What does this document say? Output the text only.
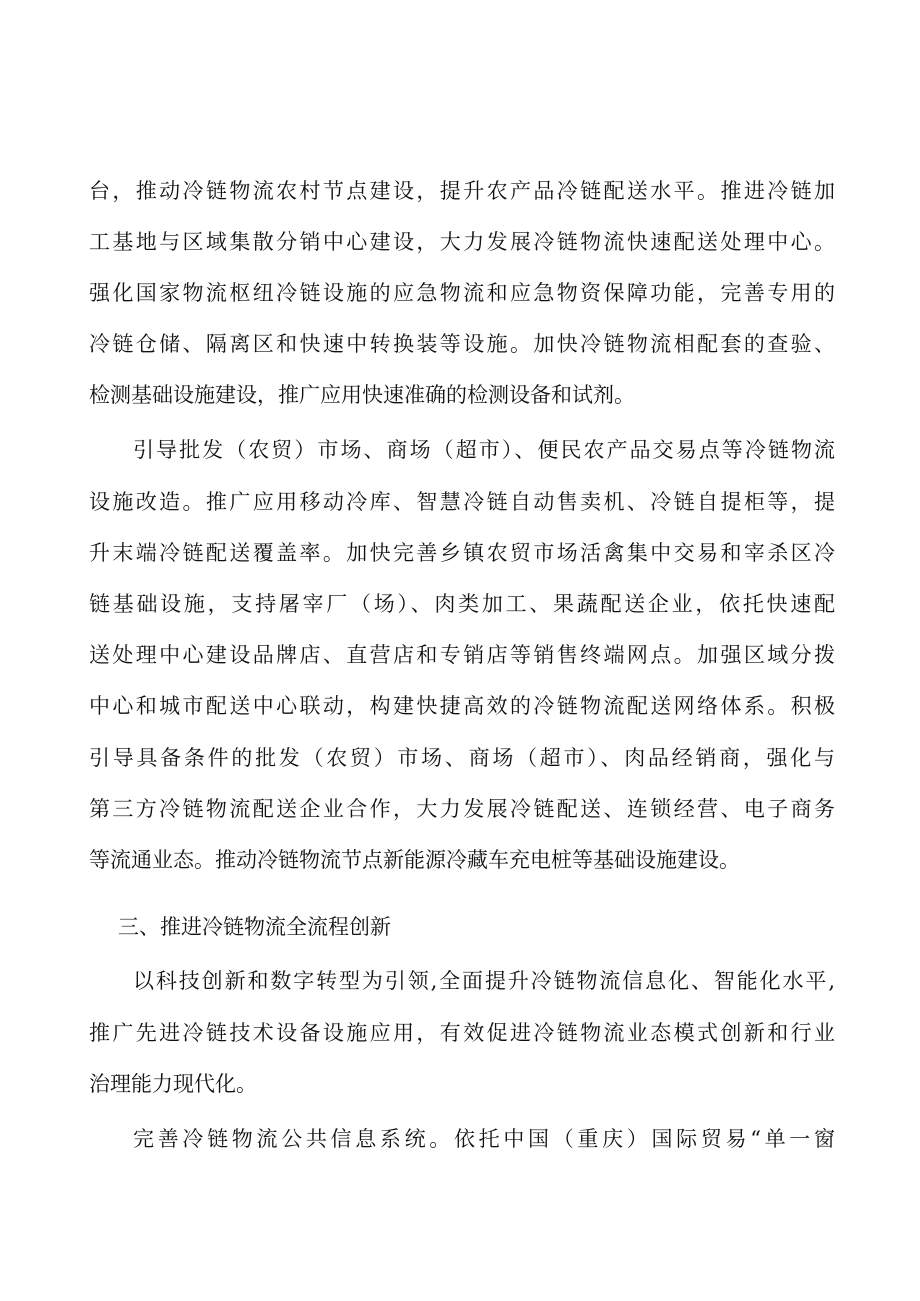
台，推动冷链物流农村节点建设，提升农产品冷链配送水平。推进冷链加
工基地与区域集散分销中心建设，大力发展冷链物流快速配送处理中心。
强化国家物流枢纽冷链设施的应急物流和应急物资保障功能，完善专用的
冷链仓储、隔离区和快速中转换装等设施。加快冷链物流相配套的查验、
检测基础设施建设，推广应用快速准确的检测设备和试剂。
引导批发（农贸）市场、商场（超市）、便民农产品交易点等冷链物流
设施改造。推广应用移动冷库、智慧冷链自动售卖机、冷链自提柜等，提
升末端冷链配送覆盖率。加快完善乡镇农贸市场活禽集中交易和宰杀区冷
链基础设施，支持屠宰厂（场）、肉类加工、果蔬配送企业，依托快速配
送处理中心建设品牌店、直营店和专销店等销售终端网点。加强区域分拨
中心和城市配送中心联动，构建快捷高效的冷链物流配送网络体系。积极
引导具备条件的批发（农贸）市场、商场（超市）、肉品经销商，强化与
第三方冷链物流配送企业合作，大力发展冷链配送、连锁经营、电子商务
等流通业态。推动冷链物流节点新能源冷藏车充电桩等基础设施建设。
三、推进冷链物流全流程创新
以科技创新和数字转型为引领,全面提升冷链物流信息化、智能化水平,
推广先进冷链技术设备设施应用，有效促进冷链物流业态模式创新和行业
治理能力现代化。
完善冷链物流公共信息系统。依托中国（重庆）国际贸易“单一窗
